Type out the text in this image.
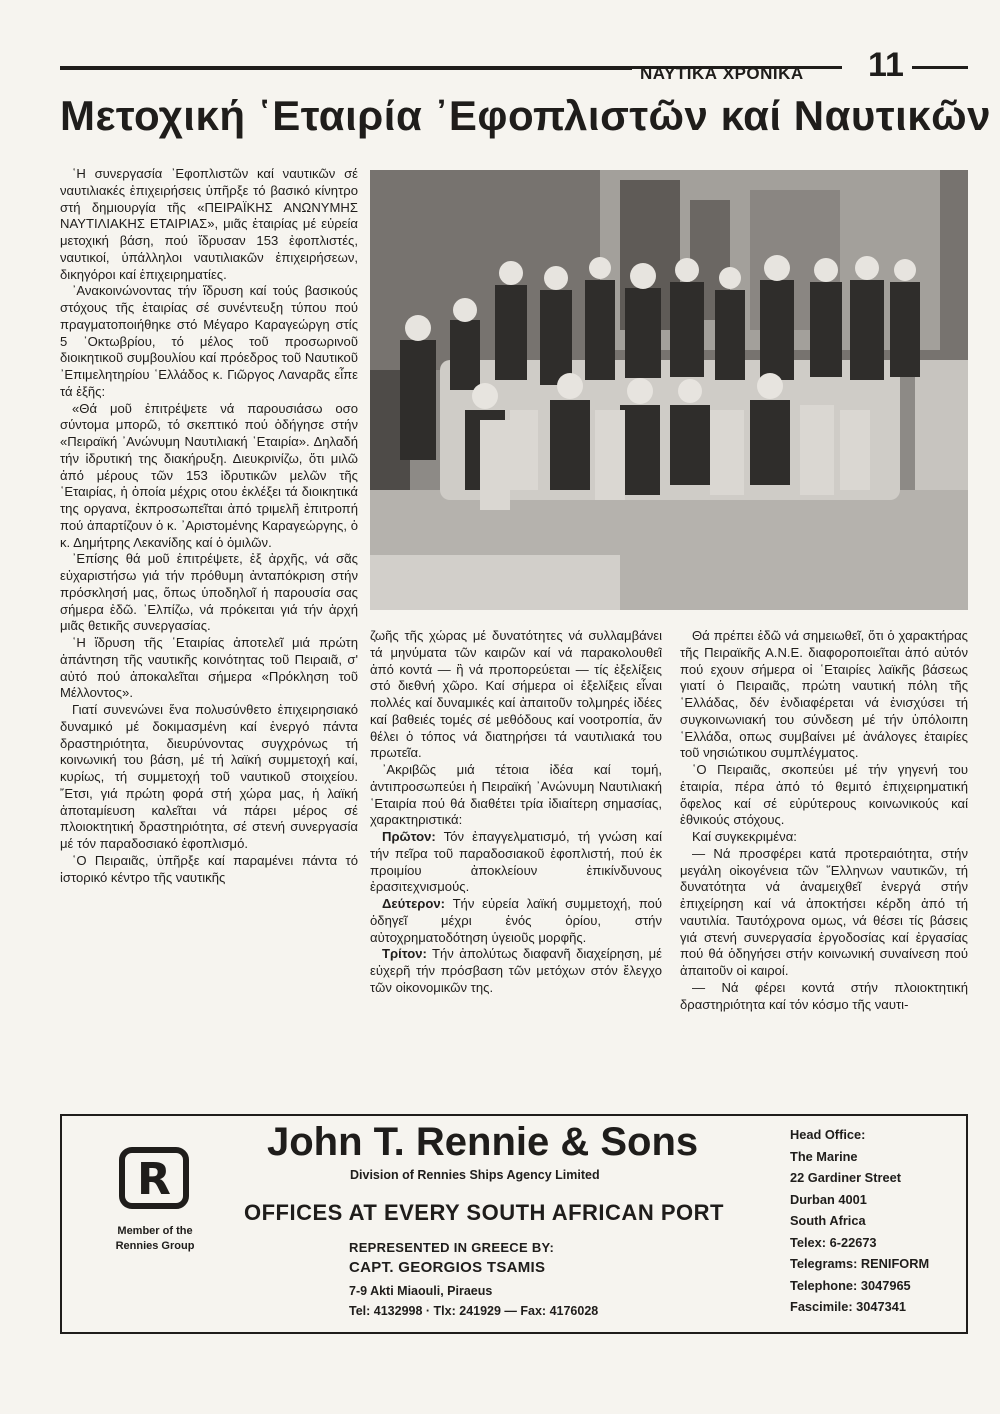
ΝΑΥΤΙΚΑ ΧΡΟΝΙΚΑ 11
Μετοχική ῾Εταιρία ᾿Εφοπλιστῶν καί Ναυτικῶν

῾Η συνεργασία ᾿Εφοπλιστῶν καί ναυτικῶν σέ ναυτιλιακές ἐπιχειρήσεις ὑπῆρξε τό βασικό κίνητρο στή δημιουργία τῆς «ΠΕΙΡΑΪΚΗΣ ΑΝΩΝΥΜΗΣ ΝΑΥΤΙΛΙΑΚΗΣ ΕΤΑΙΡΙΑΣ», μιᾶς ἑταιρίας μέ εὐρεία μετοχική βάση, πού ἵδρυσαν 153 ἐφοπλιστές, ναυτικοί, ὑπάλληλοι ναυτιλιακῶν ἐπιχειρήσεων, δικηγόροι καί ἐπιχειρηματίες.

᾿Ανακοινώνοντας τήν ἵδρυση καί τούς βασικούς στόχους τῆς ἑταιρίας σέ συνέντευξη τύπου πού πραγματοποιήθηκε στό Μέγαρο Καραγεώργη στίς 5 ᾿Οκτωβρίου, τό μέλος τοῦ προσωρινοῦ διοικητικοῦ συμβουλίου καί πρόεδρος τοῦ Ναυτικοῦ ᾿Επιμελητηρίου ῾Ελλάδος κ. Γιῶργος Λαναρᾶς εἶπε τά ἑξῆς:

«Θά μοῦ ἐπιτρέψετε νά παρουσιάσω οσο σύντομα μπορῶ, τό σκεπτικό πού ὁδήγησε στήν «Πειραϊκή ᾿Ανώνυμη Ναυτιλιακή ῾Εταιρία». Δηλαδή τήν ἱδρυτική της διακήρυξη. Διευκρινίζω, ὅτι μιλῶ ἀπό μέρους τῶν 153 ἱδρυτικῶν μελῶν τῆς ῾Εταιρίας, ἡ ὁποία μέχρις οτου ἐκλέξει τά διοικητικά της οργανα, ἐκπροσωπεῖται ἀπό τριμελῆ ἐπιτροπή πού ἀπαρτίζουν ὁ κ. ᾿Αριστομένης Καραγεώργης, ὁ κ. Δημήτρης Λεκανίδης καί ὁ ὁμιλῶν.

᾿Επίσης θά μοῦ ἐπιτρέψετε, ἐξ ἀρχῆς, νά σᾶς εὐχαριστήσω γιά τήν πρόθυμη ἀνταπόκριση στήν πρόσκλησή μας, ὅπως ὑποδηλοῖ ἡ παρουσία σας σήμερα ἐδῶ. ᾿Ελπίζω, νά πρόκειται γιά τήν ἀρχή μιᾶς θετικῆς συνεργασίας.

῾Η ἵδρυση τῆς ῾Εταιρίας ἀποτελεῖ μιά πρώτη ἀπάντηση τῆς ναυτικῆς κοινότητας τοῦ Πειραιᾶ, σ' αὐτό πού ἀποκαλεῖται σήμερα «Πρόκληση τοῦ Μέλλοντος».

Γιατί συνενώνει ἕνα πολυσύνθετο ἐπιχειρησιακό δυναμικό μέ δοκιμασμένη καί ἐνεργό πάντα δραστηριότητα, διευρύνοντας συγχρόνως τή κοινωνική του βάση, μέ τή λαϊκή συμμετοχή καί, κυρίως, τή συμμετοχή τοῦ ναυτικοῦ στοιχείου. ῎Ετσι, γιά πρώτη φορά στή χώρα μας, ἡ λαϊκή ἀποταμίευση καλεῖται νά πάρει μέρος σέ πλοιοκτητική δραστηριότητα, σέ στενή συνεργασία μέ τόν παραδοσιακό ἐφοπλισμό.

῾Ο Πειραιᾶς, ὑπῆρξε καί παραμένει πάντα τό ἱστορικό κέντρο τῆς ναυτικῆς

ζωῆς τῆς χώρας μέ δυνατότητες νά συλλαμβάνει τά μηνύματα τῶν καιρῶν καί νά παρακολουθεῖ ἀπό κοντά — ἢ νά προπορεύεται — τίς ἐξελίξεις στό διεθνή χῶρο. Καί σήμερα οἱ ἐξελίξεις εἶναι πολλές καί δυναμικές καί ἀπαιτοῦν τολμηρές ἰδέες καί βαθειές τομές σέ μεθόδους καί νοοτροπία, ἄν θέλει ὁ τόπος νά διατηρήσει τά ναυτιλιακά του πρωτεῖα.

᾿Ακριβῶς μιά τέτοια ἰδέα καί τομή, ἀντιπροσωπεύει ἡ Πειραϊκή ᾿Ανώνυμη Ναυτιλιακή ῾Εταιρία πού θά διαθέτει τρία ἰδιαίτερη σημασίας, χαρακτηριστικά:

Πρῶτον: Τόν ἐπαγγελματισμό, τή γνώση καί τήν πεῖρα τοῦ παραδοσιακοῦ ἐφοπλιστή, πού ἐκ προιμίου ἀποκλείουν ἐπικίνδυνους ἐρασιτεχνισμούς.

Δεύτερον: Τήν εὐρεία λαϊκή συμμετοχή, πού ὁδηγεῖ μέχρι ἑνός ὁρίου, στήν αὐτοχρηματοδότηση ὑγειοῦς μορφῆς.

Τρίτον: Τήν ἀπολύτως διαφανῆ διαχείρηση, μέ εὐχερῆ τήν πρόσβαση τῶν μετόχων στόν ἔλεγχο τῶν οἰκονομικῶν της.

Θά πρέπει ἐδῶ νά σημειωθεῖ, ὅτι ὁ χαρακτήρας τῆς Πειραϊκῆς Α.Ν.Ε. διαφοροποιεῖται ἀπό αὐτόν πού εχουν σήμερα οἱ ῾Εταιρίες λαϊκῆς βάσεως γιατί ὁ Πειραιᾶς, πρώτη ναυτική πόλη τῆς ῾Ελλάδας, δέν ἐνδιαφέρεται νά ἐνισχύσει τή συγκοινωνιακή του σύνδεση μέ τήν ὑπόλοιπη ῾Ελλάδα, οπως συμβαίνει μέ ἀνάλογες ἑταιρίες τοῦ νησιώτικου συμπλέγματος.

῾Ο Πειραιᾶς, σκοπεύει μέ τήν γηγενή του ἑταιρία, πέρα ἀπό τό θεμιτό ἐπιχειρηματική ὄφελος καί σέ εὐρύτερους κοινωνικούς καί ἐθνικούς στόχους.

Καί συγκεκριμένα:

— Νά προσφέρει κατά προτεραιότητα, στήν μεγάλη οἰκογένεια τῶν ῞Ελληνων ναυτικῶν, τή δυνατότητα νά ἀναμειχθεῖ ἐνεργά στήν ἐπιχείρηση καί νά ἀποκτήσει κέρδη ἀπό τή ναυτιλία. Ταυτόχρονα ομως, νά θέσει τίς βάσεις γιά στενή συνεργασία ἐργοδοσίας καί ἐργασίας πού θά ὁδηγήσει στήν κοινωνική συναίνεση πού ἀπαιτοῦν οἱ καιροί.

— Νά φέρει κοντά στήν πλοιοκτητική δραστηριότητα καί τόν κόσμο τῆς ναυτι-

R
Member of the
Rennies Group
John T. Rennie & Sons
Division of Rennies Ships Agency Limited
OFFICES AT EVERY SOUTH AFRICAN PORT
REPRESENTED IN GREECE BY:
CAPT. GEORGIOS TSAMIS
7-9 Akti Miaouli, Piraeus
Tel: 4132998 · Tlx: 241929 — Fax: 4176028
Head Office:
The Marine
22 Gardiner Street
Durban 4001
South Africa
Telex: 6-22673
Telegrams: RENIFORM
Telephone: 3047965
Fascimile: 3047341
